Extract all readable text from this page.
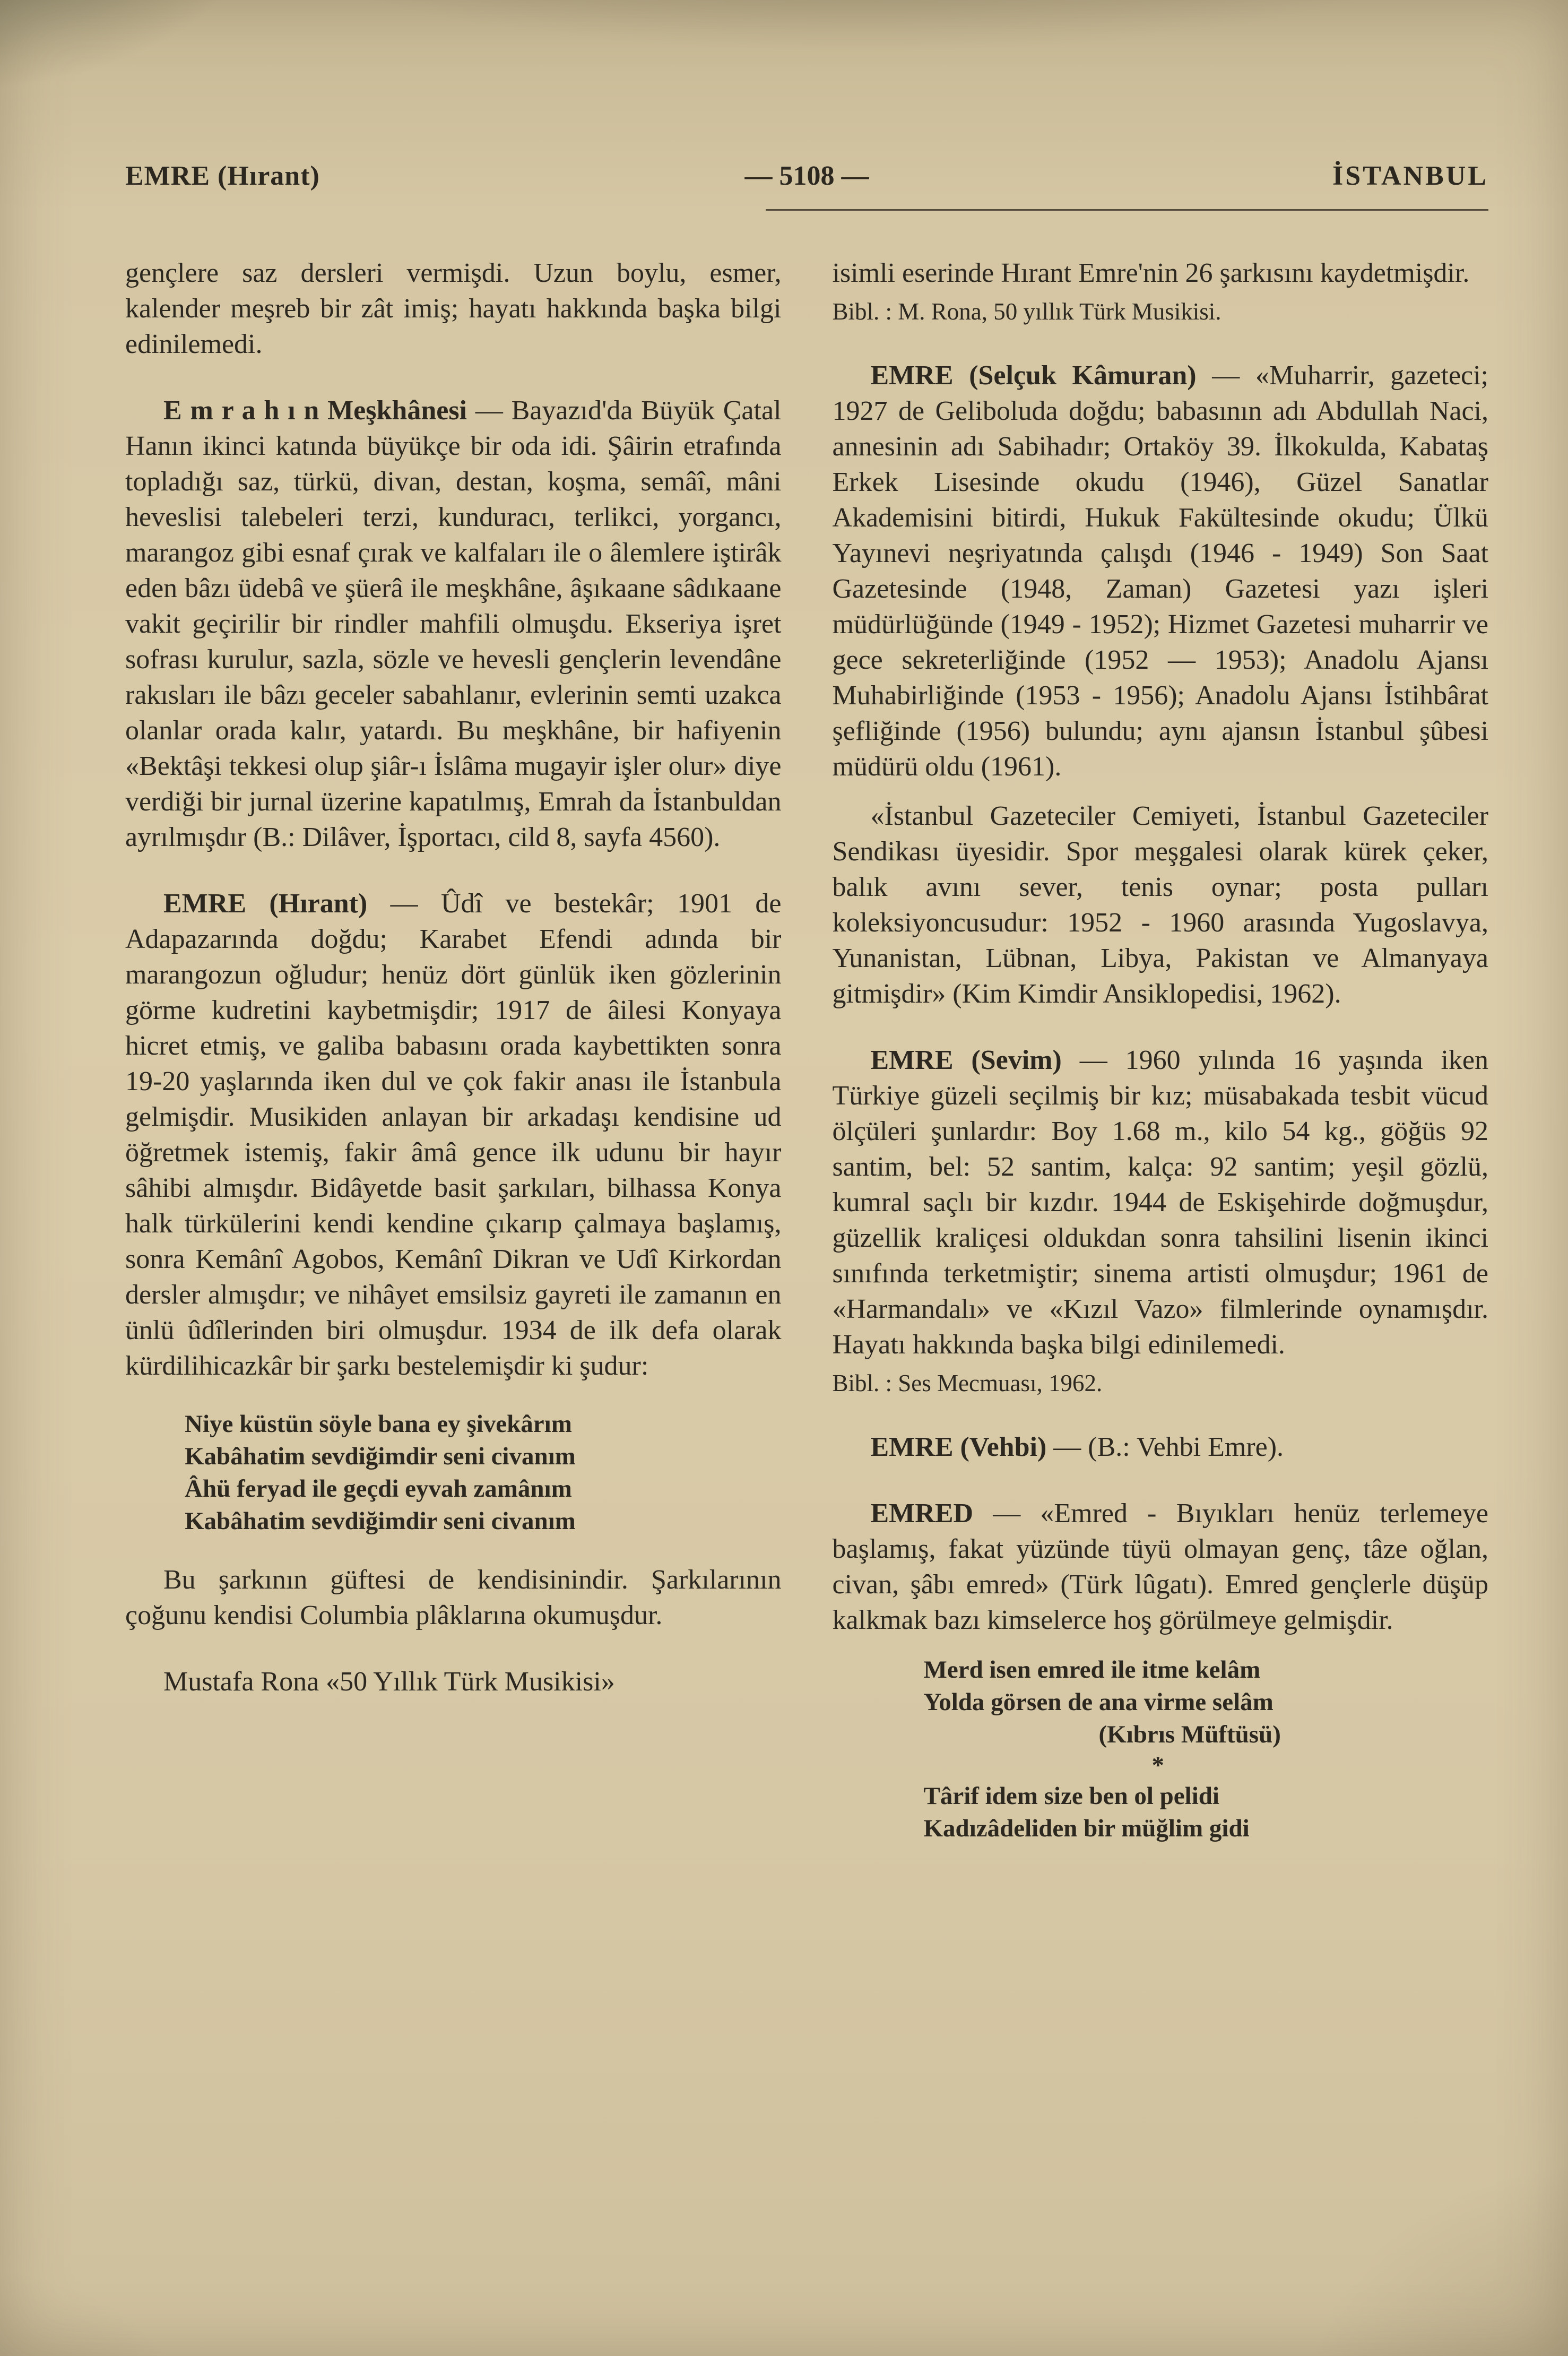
EMRE (Hırant)	— 5108 —	İSTANBUL

gençlere saz dersleri vermişdi. Uzun boylu, esmer, kalender meşreb bir zât imiş; hayatı hakkında başka bilgi edinilemedi.

E m r a h ı n Meşkhânesi — Bayazıd'da Büyük Çatal Hanın ikinci katında büyükçe bir oda idi. Şâirin etrafında topladığı saz, türkü, divan, destan, koşma, semâî, mâni heveslisi talebeleri terzi, kunduracı, terlikci, yorgancı, marangoz gibi esnaf çırak ve kalfaları ile o âlemlere iştirâk eden bâzı üdebâ ve şüerâ ile meşkhâne, âşıkaane sâdıkaane vakit geçirilir bir rindler mahfili olmuşdu. Ekseriya işret sofrası kurulur, sazla, sözle ve hevesli gençlerin levendâne rakısları ile bâzı geceler sabahlanır, evlerinin semti uzakca olanlar orada kalır, yatardı. Bu meşkhâne, bir hafiyenin «Bektâşi tekkesi olup şiâr-ı İslâma mugayir işler olur» diye verdiği bir jurnal üzerine kapatılmış, Emrah da İstanbuldan ayrılmışdır (B.: Dilâver, İşportacı, cild 8, sayfa 4560).

EMRE (Hırant) — Ûdî ve bestekâr; 1901 de Adapazarında doğdu; Karabet Efendi adında bir marangozun oğludur; henüz dört günlük iken gözlerinin görme kudretini kaybetmişdir; 1917 de âilesi Konyaya hicret etmiş, ve galiba babasını orada kaybettikten sonra 19-20 yaşlarında iken dul ve çok fakir anası ile İstanbula gelmişdir. Musikiden anlayan bir arkadaşı kendisine ud öğretmek istemiş, fakir âmâ gence ilk udunu bir hayır sâhibi almışdır. Bidâyetde basit şarkıları, bilhassa Konya halk türkülerini kendi kendine çıkarıp çalmaya başlamış, sonra Kemânî Agobos, Kemânî Dikran ve Udî Kirkordan dersler almışdır; ve nihâyet emsilsiz gayreti ile zamanın en ünlü ûdîlerinden biri olmuşdur. 1934 de ilk defa olarak kürdilihicazkâr bir şarkı bestelemişdir ki şudur:

Niye küstün söyle bana ey şivekârım
Kabâhatim sevdiğimdir seni civanım
Âhü feryad ile geçdi eyvah zamânım
Kabâhatim sevdiğimdir seni civanım

Bu şarkının güftesi de kendisinindir. Şarkılarının çoğunu kendisi Columbia plâklarına okumuşdur.

Mustafa Rona «50 Yıllık Türk Musikisi»

isimli eserinde Hırant Emre'nin 26 şarkısını kaydetmişdir.

Bibl. : M. Rona, 50 yıllık Türk Musikisi.

EMRE (Selçuk Kâmuran) — «Muharrir, gazeteci; 1927 de Geliboluda doğdu; babasının adı Abdullah Naci, annesinin adı Sabihadır; Ortaköy 39. İlkokulda, Kabataş Erkek Lisesinde okudu (1946), Güzel Sanatlar Akademisini bitirdi, Hukuk Fakültesinde okudu; Ülkü Yayınevi neşriyatında çalışdı (1946 - 1949) Son Saat Gazetesinde (1948, Zaman) Gazetesi yazı işleri müdürlüğünde (1949 - 1952); Hizmet Gazetesi muharrir ve gece sekreterliğinde (1952 — 1953); Anadolu Ajansı Muhabirliğinde (1953 - 1956); Anadolu Ajansı İstihbârat şefliğinde (1956) bulundu; aynı ajansın İstanbul şûbesi müdürü oldu (1961).

«İstanbul Gazeteciler Cemiyeti, İstanbul Gazeteciler Sendikası üyesidir. Spor meşgalesi olarak kürek çeker, balık avını sever, tenis oynar; posta pulları koleksiyoncusudur: 1952 - 1960 arasında Yugoslavya, Yunanistan, Lübnan, Libya, Pakistan ve Almanyaya gitmişdir» (Kim Kimdir Ansiklopedisi, 1962).

EMRE (Sevim) — 1960 yılında 16 yaşında iken Türkiye güzeli seçilmiş bir kız; müsabakada tesbit vücud ölçüleri şunlardır: Boy 1.68 m., kilo 54 kg., göğüs 92 santim, bel: 52 santim, kalça: 92 santim; yeşil gözlü, kumral saçlı bir kızdır. 1944 de Eskişehirde doğmuşdur, güzellik kraliçesi oldukdan sonra tahsilini lisenin ikinci sınıfında terketmiştir; sinema artisti olmuşdur; 1961 de «Harmandalı» ve «Kızıl Vazo» filmlerinde oynamışdır. Hayatı hakkında başka bilgi edinilemedi.

Bibl. : Ses Mecmuası, 1962.

EMRE (Vehbi) — (B.: Vehbi Emre).

EMRED — «Emred - Bıyıkları henüz terlemeye başlamış, fakat yüzünde tüyü olmayan genç, tâze oğlan, civan, şâbı emred» (Türk lûgatı). Emred gençlerle düşüp kalkmak bazı kimselerce hoş görülmeye gelmişdir.

Merd isen emred ile itme kelâm
Yolda görsen de ana virme selâm
(Kıbrıs Müftüsü)
*
Târif idem size ben ol pelidi
Kadızâdeliden bir müğlim gidi
